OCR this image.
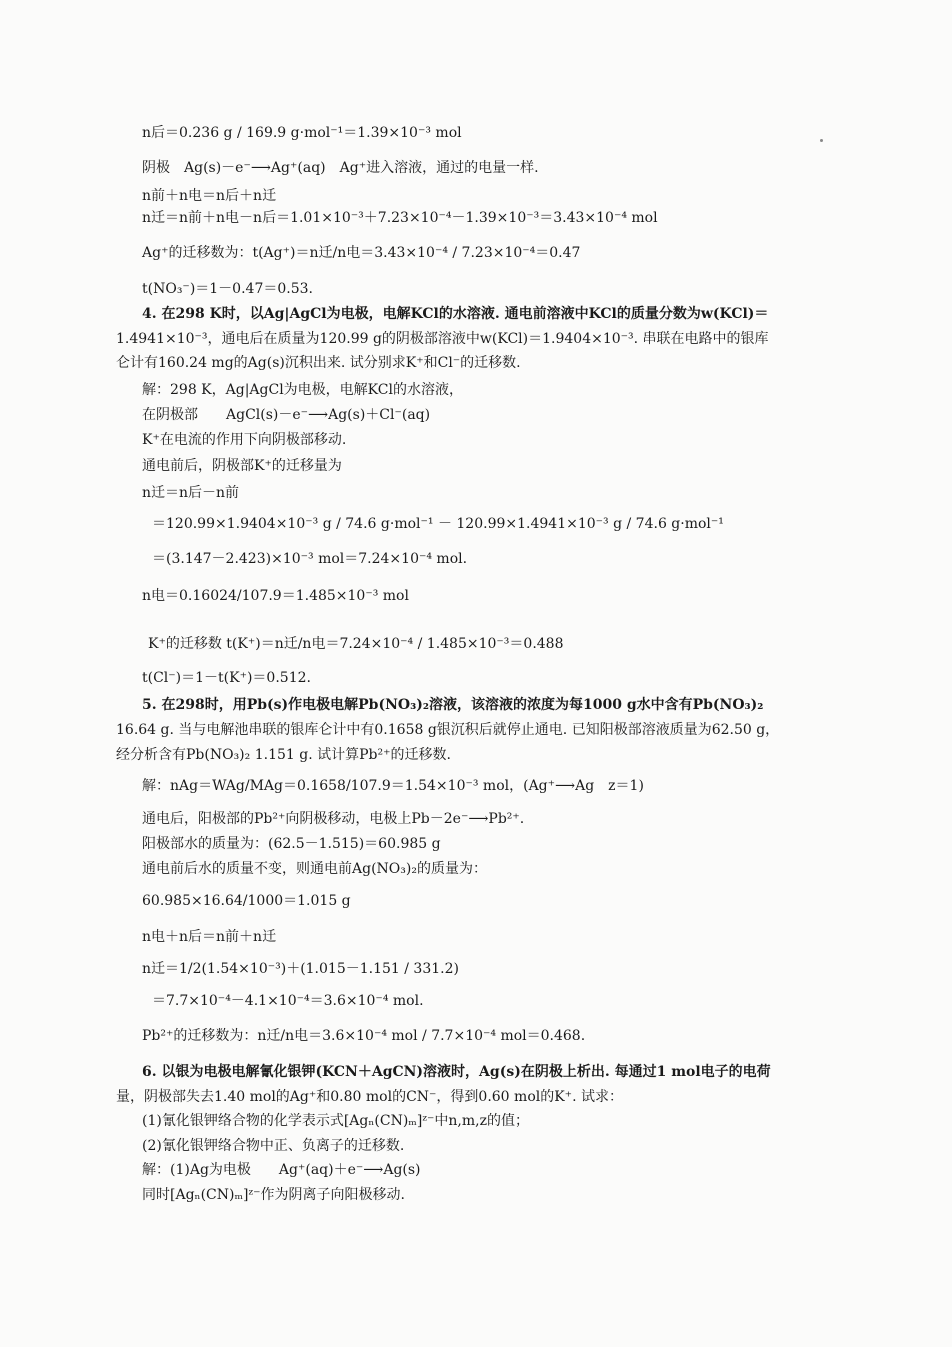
n后＝0.236 g / 169.9 g·mol⁻¹＝1.39×10⁻³ mol
阴极　Ag(s)－e⁻⟶Ag⁺(aq)　Ag⁺进入溶液，通过的电量一样.
n前＋n电＝n后＋n迁
n迁＝n前＋n电－n后＝1.01×10⁻³＋7.23×10⁻⁴－1.39×10⁻³＝3.43×10⁻⁴ mol
Ag⁺的迁移数为：t(Ag⁺)＝n迁/n电＝3.43×10⁻⁴ / 7.23×10⁻⁴＝0.47
t(NO₃⁻)＝1－0.47＝0.53.
4. 在298 K时，以Ag|AgCl为电极，电解KCl的水溶液. 通电前溶液中KCl的质量分数为w(KCl)＝
1.4941×10⁻³，通电后在质量为120.99 g的阴极部溶液中w(KCl)＝1.9404×10⁻³. 串联在电路中的银库
仑计有160.24 mg的Ag(s)沉积出来. 试分别求K⁺和Cl⁻的迁移数.
解：298 K，Ag|AgCl为电极，电解KCl的水溶液，
在阴极部　　AgCl(s)－e⁻⟶Ag(s)＋Cl⁻(aq)
K⁺在电流的作用下向阴极部移动.
通电前后，阴极部K⁺的迁移量为
n迁＝n后－n前
＝120.99×1.9404×10⁻³ g / 74.6 g·mol⁻¹ － 120.99×1.4941×10⁻³ g / 74.6 g·mol⁻¹
＝(3.147－2.423)×10⁻³ mol＝7.24×10⁻⁴ mol.
n电＝0.16024/107.9＝1.485×10⁻³ mol
K⁺的迁移数 t(K⁺)＝n迁/n电＝7.24×10⁻⁴ / 1.485×10⁻³＝0.488
t(Cl⁻)＝1－t(K⁺)＝0.512.
5. 在298时，用Pb(s)作电极电解Pb(NO₃)₂溶液，该溶液的浓度为每1000 g水中含有Pb(NO₃)₂
16.64 g. 当与电解池串联的银库仑计中有0.1658 g银沉积后就停止通电. 已知阳极部溶液质量为62.50 g，
经分析含有Pb(NO₃)₂ 1.151 g. 试计算Pb²⁺的迁移数.
解：nAg＝WAg/MAg＝0.1658/107.9＝1.54×10⁻³ mol，(Ag⁺⟶Ag　z＝1)
通电后，阳极部的Pb²⁺向阴极移动，电极上Pb－2e⁻⟶Pb²⁺.
阳极部水的质量为：(62.5－1.515)＝60.985 g
通电前后水的质量不变，则通电前Ag(NO₃)₂的质量为：
60.985×16.64/1000＝1.015 g
n电＋n后＝n前＋n迁
n迁＝1/2(1.54×10⁻³)＋(1.015－1.151 / 331.2)
＝7.7×10⁻⁴－4.1×10⁻⁴＝3.6×10⁻⁴ mol.
Pb²⁺的迁移数为：n迁/n电＝3.6×10⁻⁴ mol / 7.7×10⁻⁴ mol＝0.468.
6. 以银为电极电解氰化银钾(KCN＋AgCN)溶液时，Ag(s)在阴极上析出. 每通过1 mol电子的电荷
量，阴极部失去1.40 mol的Ag⁺和0.80 mol的CN⁻，得到0.60 mol的K⁺. 试求：
(1)氰化银钾络合物的化学表示式[Agₙ(CN)ₘ]ᶻ⁻中n,m,z的值；
(2)氰化银钾络合物中正、负离子的迁移数.
解：(1)Ag为电极　　Ag⁺(aq)＋e⁻⟶Ag(s)
同时[Agₙ(CN)ₘ]ᶻ⁻作为阴离子向阳极移动.
